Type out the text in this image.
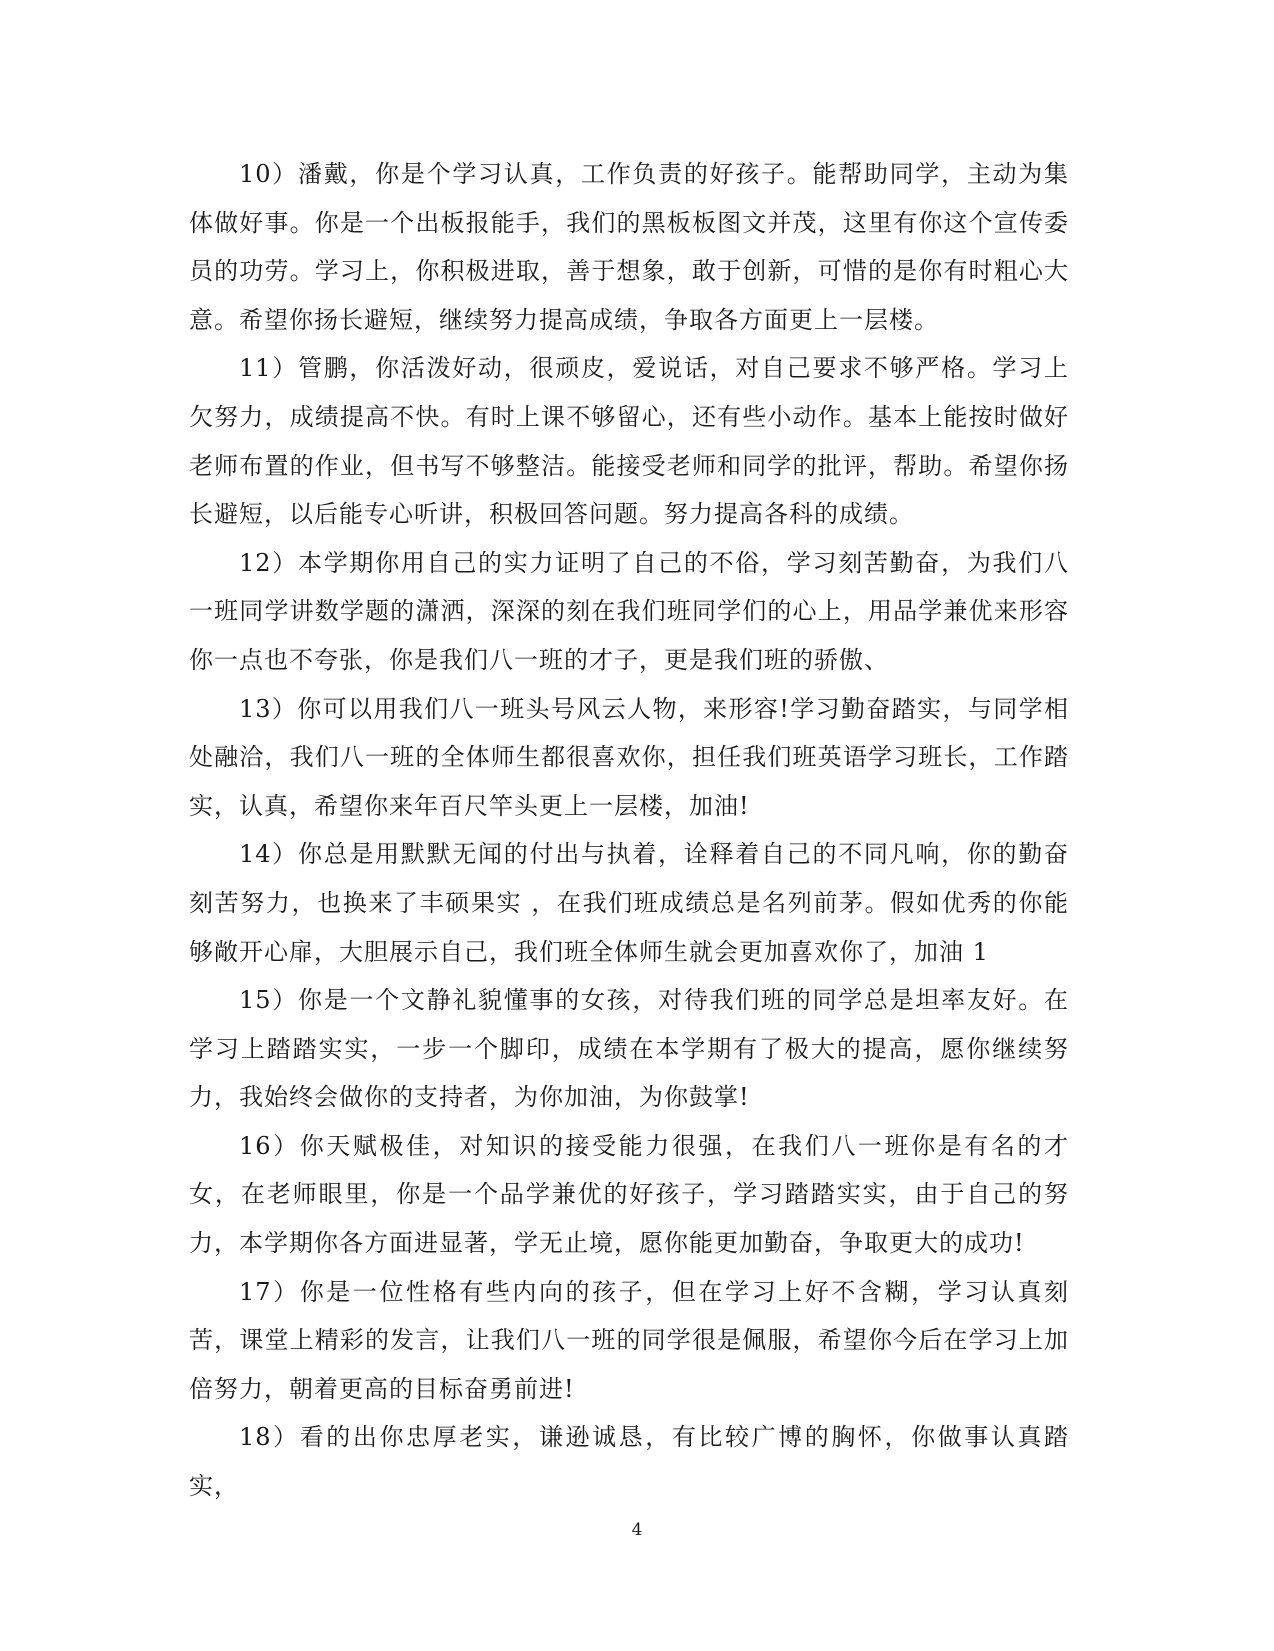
10）潘戴，你是个学习认真，工作负责的好孩子。能帮助同学，主动为集体做好事。你是一个出板报能手，我们的黑板板图文并茂，这里有你这个宣传委员的功劳。学习上，你积极进取，善于想象，敢于创新，可惜的是你有时粗心大意。希望你扬长避短，继续努力提高成绩，争取各方面更上一层楼。

11）管鹏，你活泼好动，很顽皮，爱说话，对自己要求不够严格。学习上欠努力，成绩提高不快。有时上课不够留心，还有些小动作。基本上能按时做好老师布置的作业，但书写不够整洁。能接受老师和同学的批评，帮助。希望你扬长避短，以后能专心听讲，积极回答问题。努力提高各科的成绩。

12）本学期你用自己的实力证明了自己的不俗，学习刻苦勤奋，为我们八一班同学讲数学题的潇洒，深深的刻在我们班同学们的心上，用品学兼优来形容你一点也不夸张，你是我们八一班的才子，更是我们班的骄傲、

13）你可以用我们八一班头号风云人物，来形容!学习勤奋踏实，与同学相处融洽，我们八一班的全体师生都很喜欢你，担任我们班英语学习班长，工作踏实，认真，希望你来年百尺竿头更上一层楼，加油!

14）你总是用默默无闻的付出与执着，诠释着自己的不同凡响，你的勤奋刻苦努力，也换来了丰硕果实 ，在我们班成绩总是名列前茅。假如优秀的你能够敞开心扉，大胆展示自己，我们班全体师生就会更加喜欢你了，加油 1

15）你是一个文静礼貌懂事的女孩，对待我们班的同学总是坦率友好。在学习上踏踏实实，一步一个脚印，成绩在本学期有了极大的提高，愿你继续努力，我始终会做你的支持者，为你加油，为你鼓掌!

16）你天赋极佳，对知识的接受能力很强，在我们八一班你是有名的才女，在老师眼里，你是一个品学兼优的好孩子，学习踏踏实实，由于自己的努力，本学期你各方面进显著，学无止境，愿你能更加勤奋，争取更大的成功!

17）你是一位性格有些内向的孩子，但在学习上好不含糊，学习认真刻苦，课堂上精彩的发言，让我们八一班的同学很是佩服，希望你今后在学习上加倍努力，朝着更高的目标奋勇前进!

18）看的出你忠厚老实，谦逊诚恳，有比较广博的胸怀，你做事认真踏实，

4
